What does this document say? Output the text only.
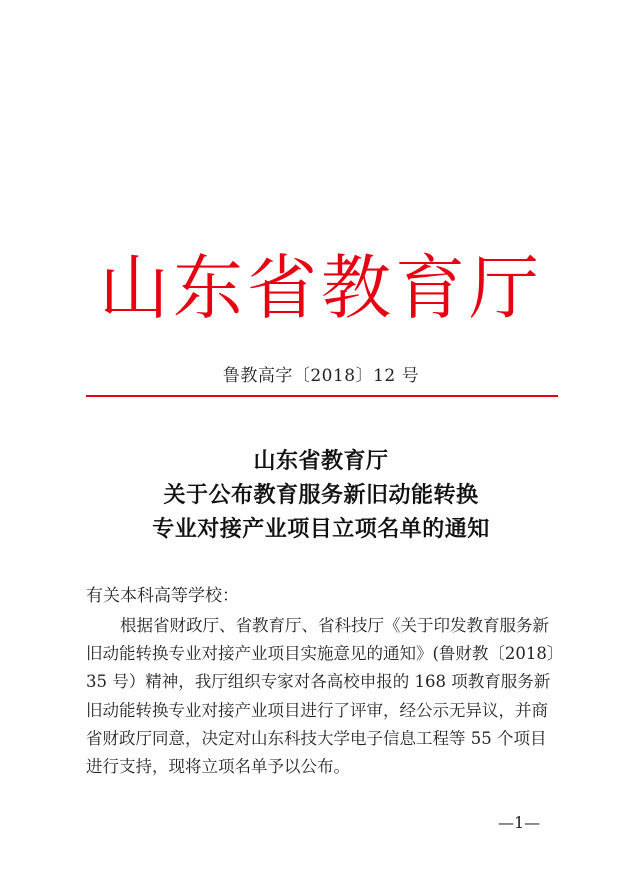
山东省教育厅
鲁教高字〔2018〕12 号
山东省教育厅
关于公布教育服务新旧动能转换
专业对接产业项目立项名单的通知
有关本科高等学校：
根据省财政厅、省教育厅、省科技厅《关于印发教育服务新
旧动能转换专业对接产业项目实施意见的通知》(鲁财教〔2018〕
35 号）精神，我厅组织专家对各高校申报的 168 项教育服务新
旧动能转换专业对接产业项目进行了评审，经公示无异议，并商
省财政厅同意，决定对山东科技大学电子信息工程等 55 个项目
进行支持，现将立项名单予以公布。
—1—
